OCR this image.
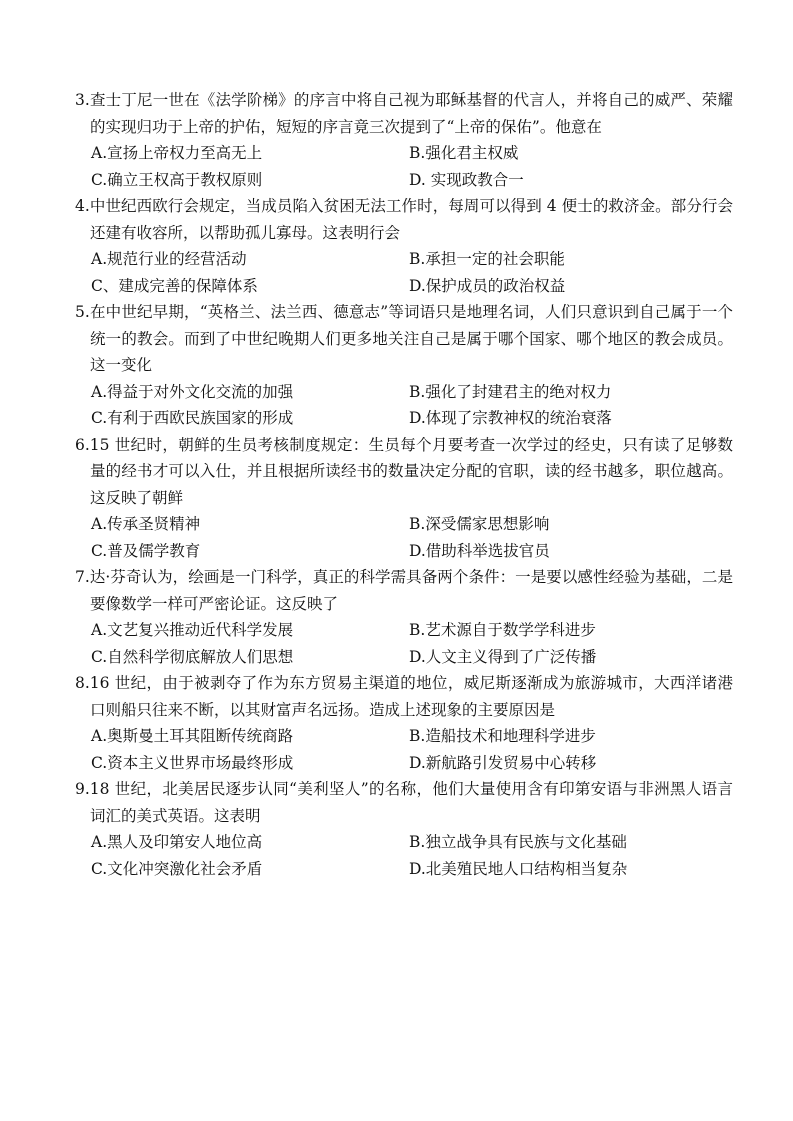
3.查士丁尼一世在《法学阶梯》的序言中将自己视为耶稣基督的代言人，并将自己的威严、荣耀的实现归功于上帝的护佑，短短的序言竟三次提到了“上帝的保佑”。他意在

A.宣扬上帝权力至高无上	B.强化君主权威
C.确立王权高于教权原则	D. 实现政教合一

4.中世纪西欧行会规定，当成员陷入贫困无法工作时，每周可以得到 4 便士的救济金。部分行会还建有收容所，以帮助孤儿寡母。这表明行会

A.规范行业的经营活动	B.承担一定的社会职能
C、建成完善的保障体系	D.保护成员的政治权益

5.在中世纪早期，“英格兰、法兰西、德意志”等词语只是地理名词，人们只意识到自己属于一个统一的教会。而到了中世纪晚期人们更多地关注自己是属于哪个国家、哪个地区的教会成员。这一变化

A.得益于对外文化交流的加强	B.强化了封建君主的绝对权力
C.有利于西欧民族国家的形成	D.体现了宗教神权的统治衰落

6.15 世纪时，朝鲜的生员考核制度规定：生员每个月要考查一次学过的经史，只有读了足够数量的经书才可以入仕，并且根据所读经书的数量决定分配的官职，读的经书越多，职位越高。这反映了朝鲜

A.传承圣贤精神	B.深受儒家思想影响
C.普及儒学教育	D.借助科举选拔官员

7.达·芬奇认为，绘画是一门科学，真正的科学需具备两个条件：一是要以感性经验为基础，二是要像数学一样可严密论证。这反映了

A.文艺复兴推动近代科学发展	B.艺术源自于数学学科进步
C.自然科学彻底解放人们思想	D.人文主义得到了广泛传播

8.16 世纪，由于被剥夺了作为东方贸易主渠道的地位，威尼斯逐渐成为旅游城市，大西洋诸港口则船只往来不断，以其财富声名远扬。造成上述现象的主要原因是

A.奥斯曼土耳其阻断传统商路	B.造船技术和地理科学进步
C.资本主义世界市场最终形成	D.新航路引发贸易中心转移

9.18 世纪，北美居民逐步认同“美利坚人”的名称，他们大量使用含有印第安语与非洲黑人语言词汇的美式英语。这表明

A.黑人及印第安人地位高	B.独立战争具有民族与文化基础
C.文化冲突激化社会矛盾	D.北美殖民地人口结构相当复杂
